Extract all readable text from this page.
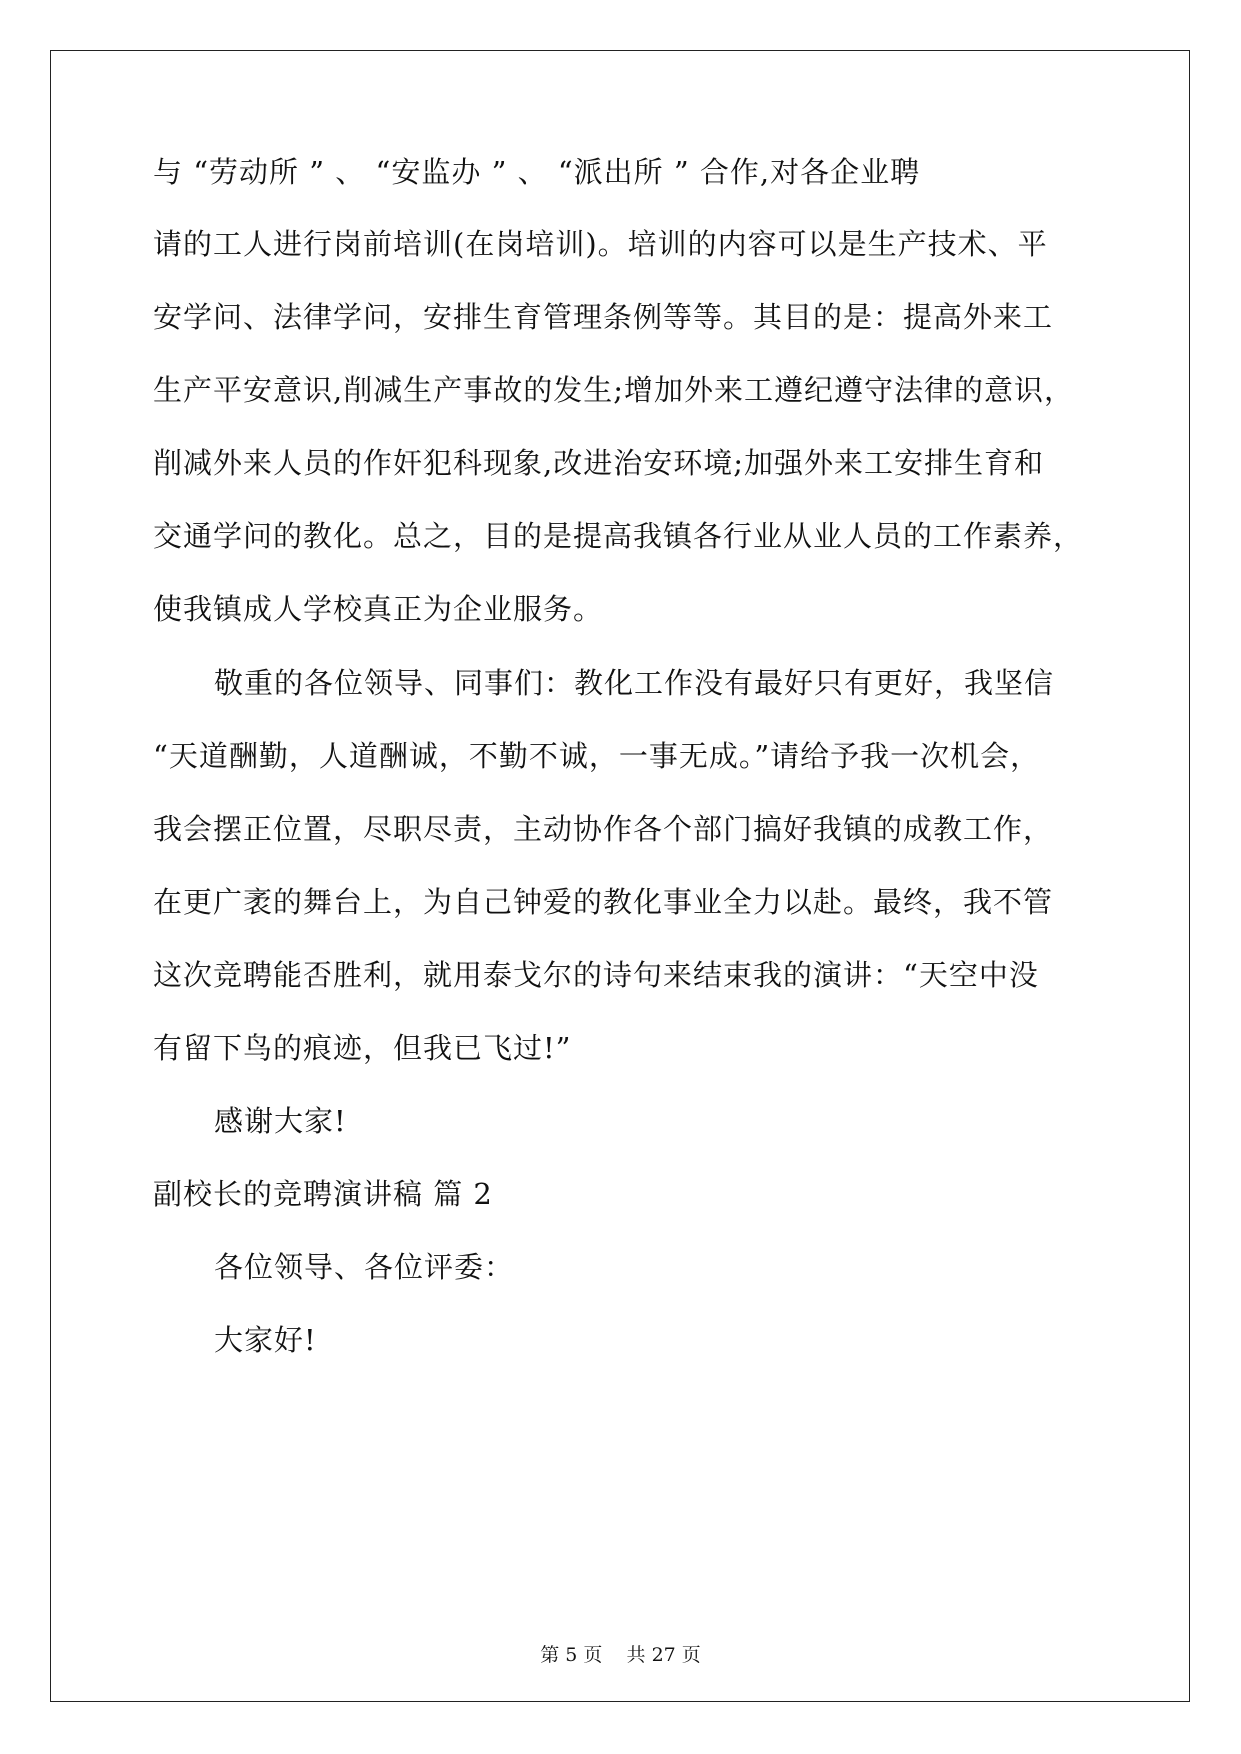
与 “劳动所 ” 、 “安监办 ” 、 “派出所 ” 合作,对各企业聘
请的工人进行岗前培训(在岗培训)。培训的内容可以是生产技术、平
安学问、法律学问，安排生育管理条例等等。其目的是：提高外来工
生产平安意识,削减生产事故的发生;增加外来工遵纪遵守法律的意识，
削减外来人员的作奸犯科现象,改进治安环境;加强外来工安排生育和
交通学问的教化。总之，目的是提高我镇各行业从业人员的工作素养，
使我镇成人学校真正为企业服务。
敬重的各位领导、同事们：教化工作没有最好只有更好，我坚信
“天道酬勤，人道酬诚，不勤不诚，一事无成。”请给予我一次机会，
我会摆正位置，尽职尽责，主动协作各个部门搞好我镇的成教工作，
在更广袤的舞台上，为自己钟爱的教化事业全力以赴。最终，我不管
这次竞聘能否胜利，就用泰戈尔的诗句来结束我的演讲：“天空中没
有留下鸟的痕迹，但我已飞过!”
感谢大家!
副校长的竞聘演讲稿 篇 2
各位领导、各位评委：
大家好!
第 5 页    共 27 页
